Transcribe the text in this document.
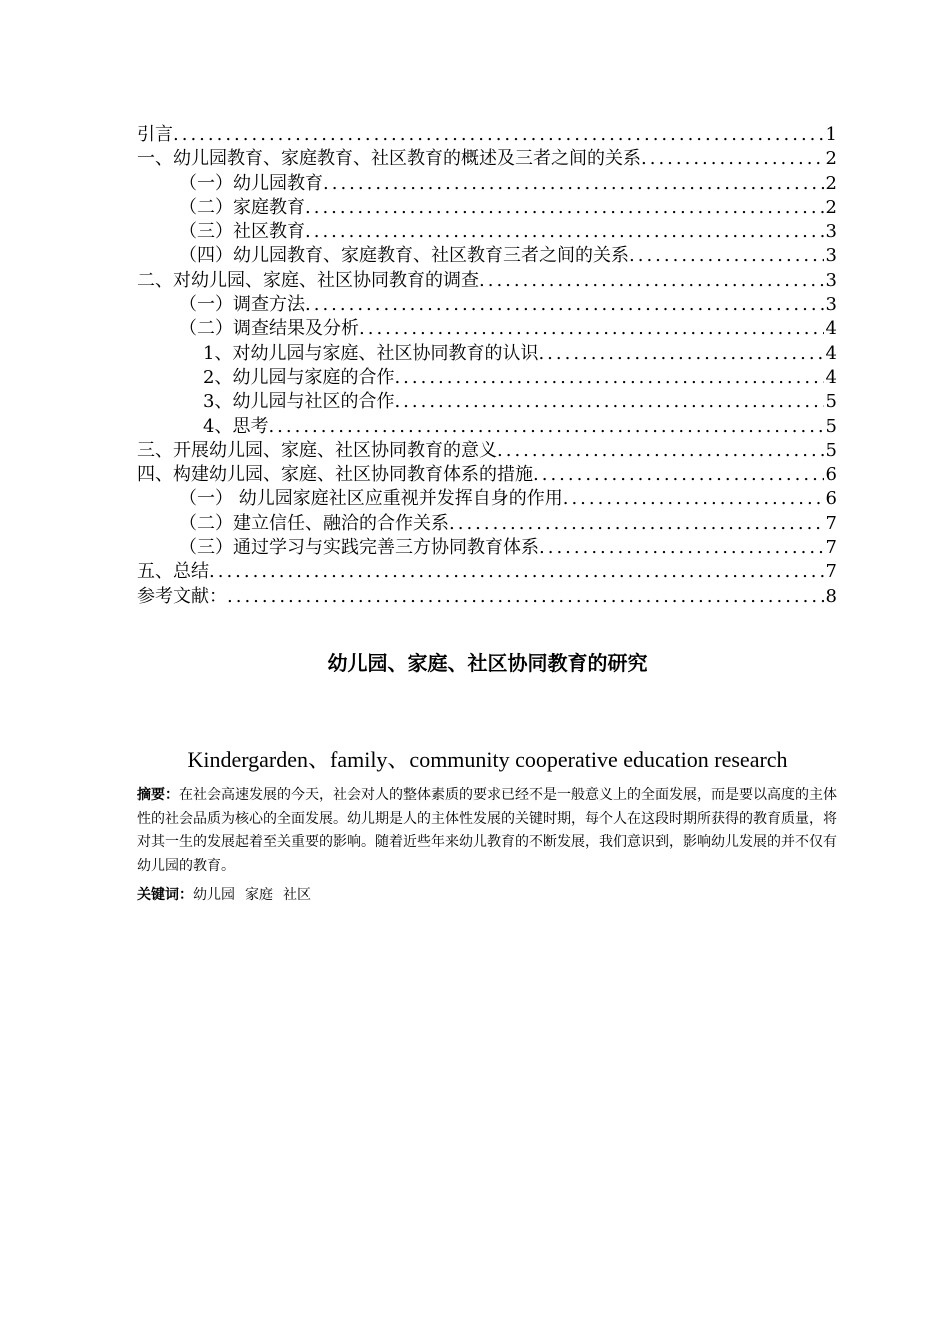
引言 .....	1
一、幼儿园教育、家庭教育、社区教育的概述及三者之间的关系 .....	2
（一）幼儿园教育 .....	2
（二）家庭教育 .....	2
（三）社区教育 .....	3
（四）幼儿园教育、家庭教育、社区教育三者之间的关系 .....	3
二、对幼儿园、家庭、社区协同教育的调查 .....	3
（一）调查方法 .....	3
（二）调查结果及分析 .....	4
1、对幼儿园与家庭、社区协同教育的认识 .....	4
2、幼儿园与家庭的合作 .....	4
3、幼儿园与社区的合作 .....	5
4、思考 .....	5
三、开展幼儿园、家庭、社区协同教育的意义 .....	5
四、构建幼儿园、家庭、社区协同教育体系的措施 .....	6
（一） 幼儿园家庭社区应重视并发挥自身的作用 .....	6
（二）建立信任、融洽的合作关系 .....	7
（三）通过学习与实践完善三方协同教育体系 .....	7
五、总结 .....	7
参考文献： .....	8
幼儿园、家庭、社区协同教育的研究
Kindergarden、family、community cooperative education research
摘要：在社会高速发展的今天，社会对人的整体素质的要求已经不是一般意义上的全面发展，而是要以高度的主体性的社会品质为核心的全面发展。幼儿期是人的主体性发展的关键时期，每个人在这段时期所获得的教育质量，将对其一生的发展起着至关重要的影响。随着近些年来幼儿教育的不断发展，我们意识到，影响幼儿发展的并不仅有幼儿园的教育。
关键词：幼儿园 家庭 社区
